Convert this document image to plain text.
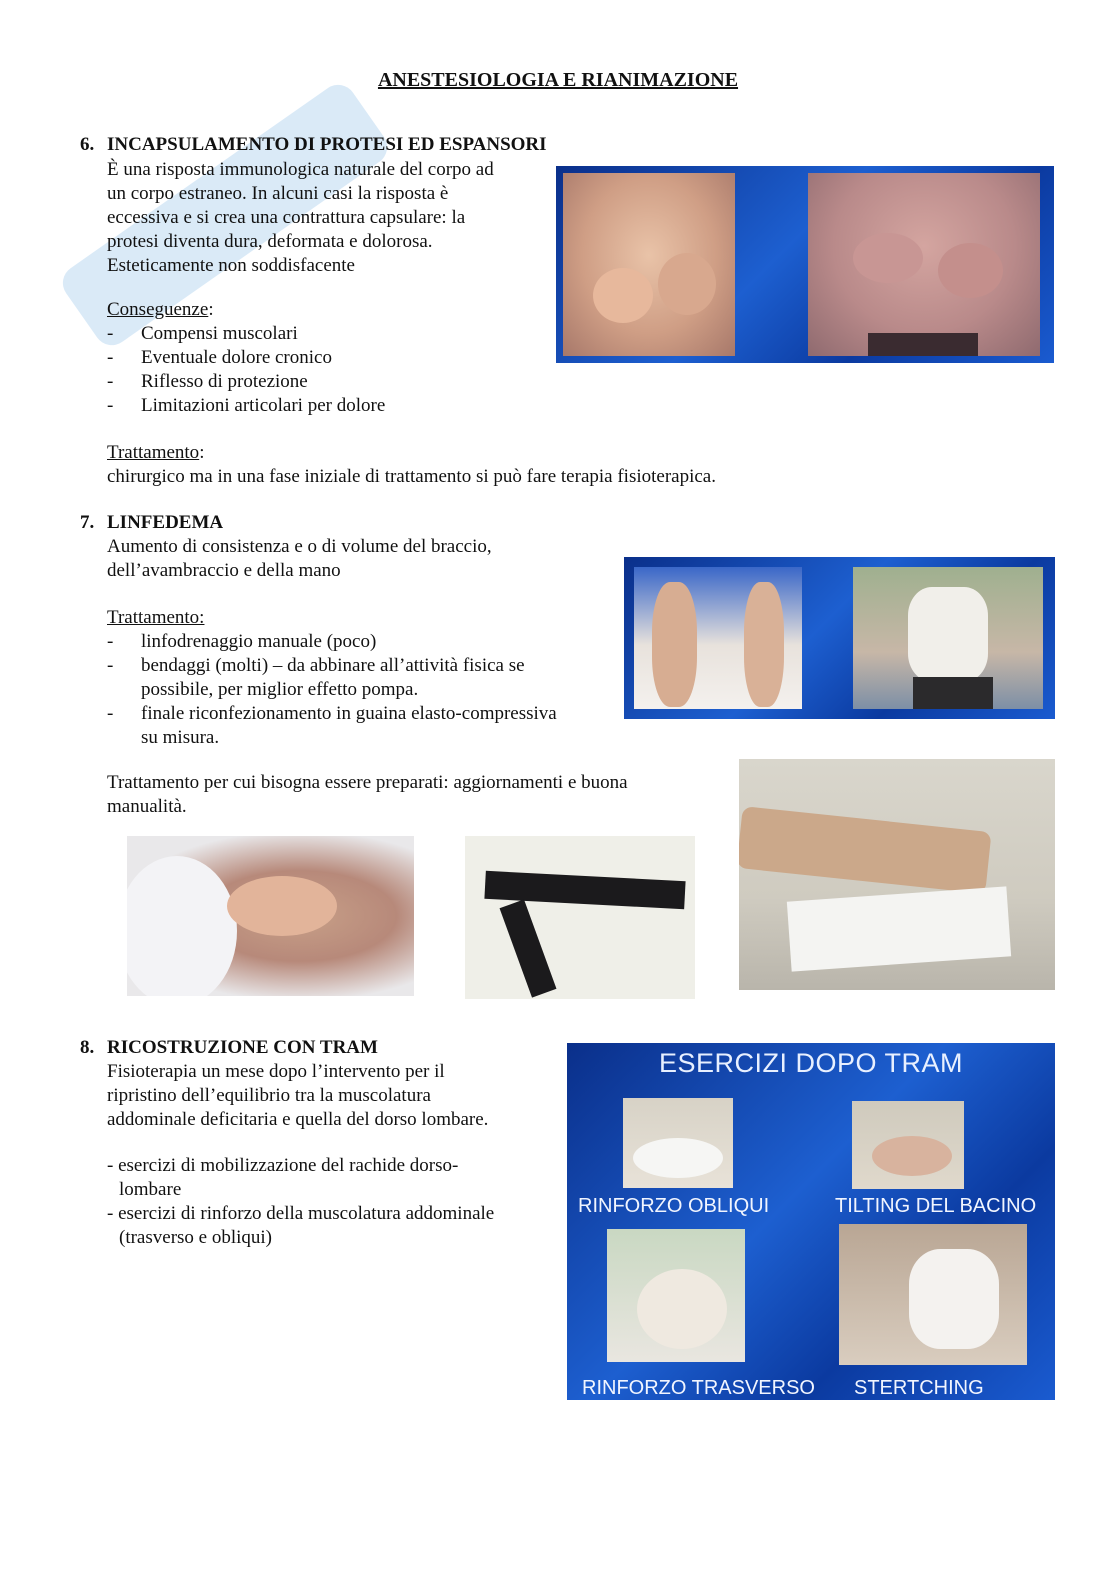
ANESTESIOLOGIA E RIANIMAZIONE
6. INCAPSULAMENTO DI PROTESI ED ESPANSORI
È una risposta immunologica naturale del corpo ad
un corpo estraneo. In alcuni casi la risposta è
eccessiva e si crea una contrattura capsulare: la
protesi diventa dura, deformata e dolorosa.
Esteticamente non soddisfacente
Conseguenze:
- Compensi muscolari
- Eventuale dolore cronico
- Riflesso di protezione
- Limitazioni articolari per dolore
Trattamento:
chirurgico ma in una fase iniziale di trattamento si può fare terapia fisioterapica.
7. LINFEDEMA
Aumento di consistenza e o di volume del braccio,
dell’avambraccio e della mano
Trattamento:
- linfodrenaggio manuale (poco)
- bendaggi (molti) – da abbinare all’attività fisica se
possibile, per miglior effetto pompa.
- finale riconfezionamento in guaina elasto-compressiva
su misura.
Trattamento per cui bisogna essere preparati: aggiornamenti e buona
manualità.
8. RICOSTRUZIONE CON TRAM
Fisioterapia un mese dopo l’intervento per il
ripristino dell’equilibrio tra la muscolatura
addominale deficitaria e quella del dorso lombare.
- esercizi di mobilizzazione del rachide dorso-
lombare
- esercizi di rinforzo della muscolatura addominale
(trasverso e obliqui)
ESERCIZI DOPO TRAM
RINFORZO OBLIQUI	TILTING DEL BACINO
RINFORZO TRASVERSO STERTCHING
